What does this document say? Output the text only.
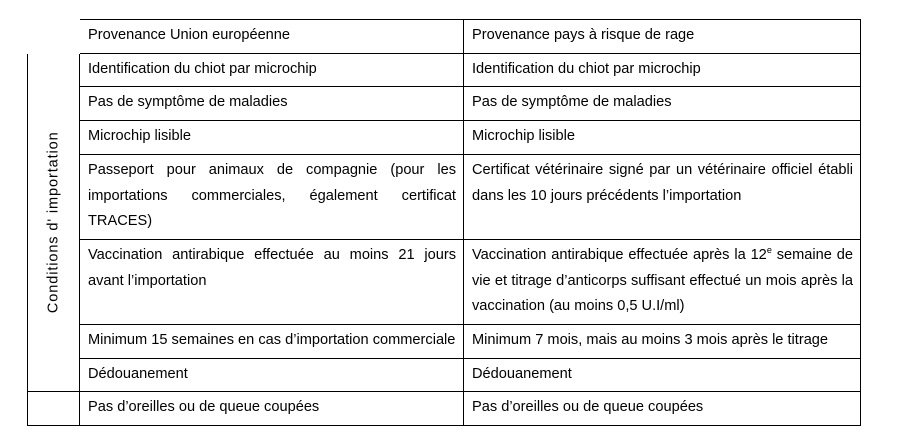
	Provenance Union européenne	Provenance pays à risque de rage

Conditions d' importation	Identification du chiot par microchip	Identification du chiot par microchip

	Pas de symptôme de maladies	Pas de symptôme de maladies

	Microchip lisible	Microchip lisible

	Passeport pour animaux de compagnie (pour les importations commerciales, également certificat TRACES)	Certificat vétérinaire signé par un vétérinaire officiel établi dans les 10 jours précédents l’importation

	Vaccination antirabique effectuée au moins 21 jours avant l’importation	Vaccination antirabique effectuée après la 12e semaine de vie et titrage d’anticorps suffisant effectué un mois après la vaccination (au moins 0,5 U.I/ml)

	Minimum 15 semaines en cas d’importation commerciale	Minimum 7 mois, mais au moins 3 mois après le titrage

	Dédouanement	Dédouanement

	Pas d’oreilles ou de queue coupées	Pas d’oreilles ou de queue coupées
